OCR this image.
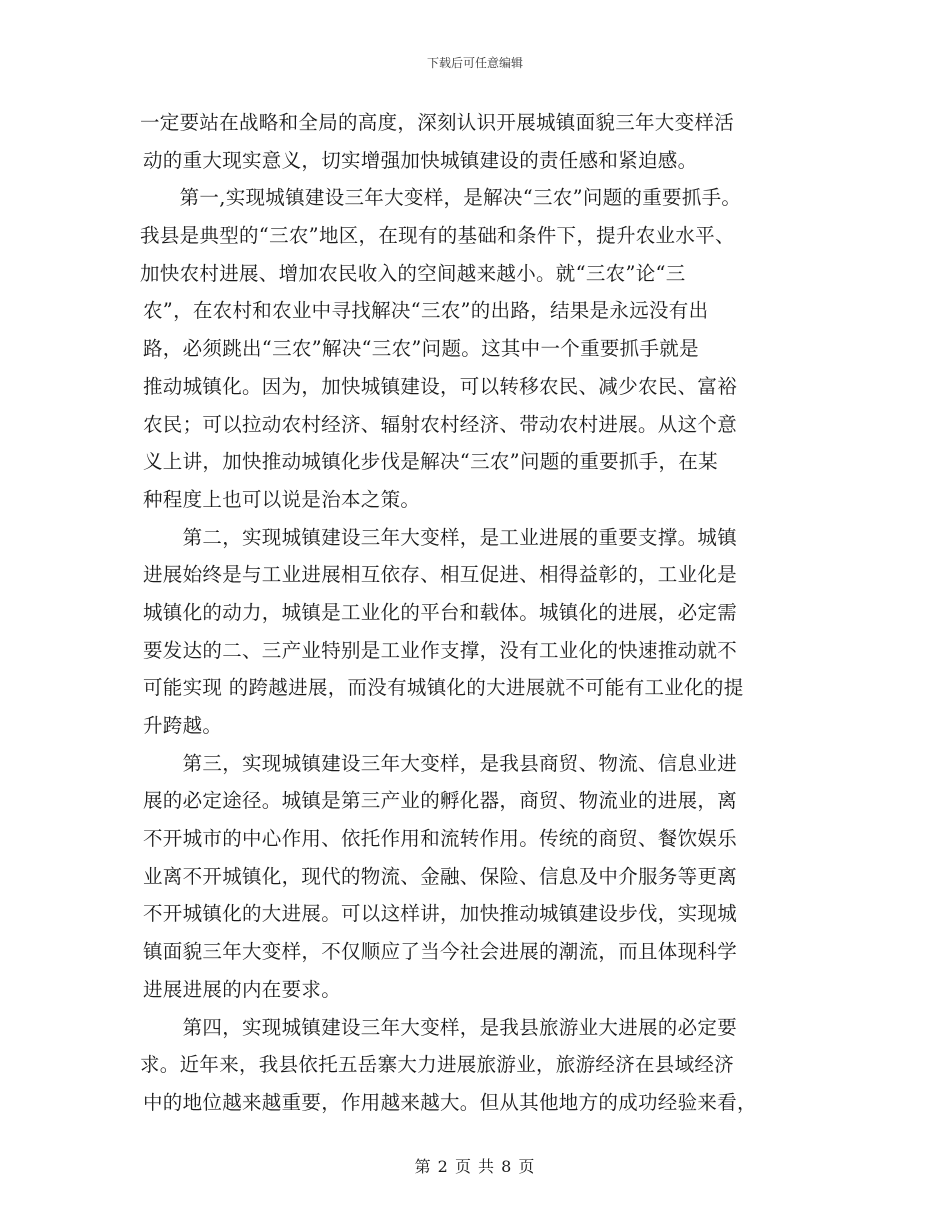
下载后可任意编辑
一定要站在战略和全局的高度，深刻认识开展城镇面貌三年大变样活
动的重大现实意义，切实增强加快城镇建设的责任感和紧迫感。
　　第一,实现城镇建设三年大变样，是解决“三农”问题的重要抓手。
我县是典型的“三农”地区，在现有的基础和条件下，提升农业水平、
加快农村进展、增加农民收入的空间越来越小。就“三农”论“三
农”，在农村和农业中寻找解决“三农”的出路，结果是永远没有出
路，必须跳出“三农”解决“三农”问题。这其中一个重要抓手就是
推动城镇化。因为，加快城镇建设，可以转移农民、减少农民、富裕
农民；可以拉动农村经济、辐射农村经济、带动农村进展。从这个意
义上讲，加快推动城镇化步伐是解决“三农”问题的重要抓手，在某
种程度上也可以说是治本之策。
　　第二，实现城镇建设三年大变样，是工业进展的重要支撑。城镇
进展始终是与工业进展相互依存、相互促进、相得益彰的，工业化是
城镇化的动力，城镇是工业化的平台和载体。城镇化的进展，必定需
要发达的二、三产业特别是工业作支撑，没有工业化的快速推动就不
可能实现 的跨越进展，而没有城镇化的大进展就不可能有工业化的提
升跨越。
　　第三，实现城镇建设三年大变样，是我县商贸、物流、信息业进
展的必定途径。城镇是第三产业的孵化器，商贸、物流业的进展，离
不开城市的中心作用、依托作用和流转作用。传统的商贸、餐饮娱乐
业离不开城镇化，现代的物流、金融、保险、信息及中介服务等更离
不开城镇化的大进展。可以这样讲，加快推动城镇建设步伐，实现城
镇面貌三年大变样，不仅顺应了当今社会进展的潮流，而且体现科学
进展进展的内在要求。
　　第四，实现城镇建设三年大变样，是我县旅游业大进展的必定要
求。近年来，我县依托五岳寨大力进展旅游业，旅游经济在县域经济
中的地位越来越重要，作用越来越大。但从其他地方的成功经验来看，
第 2 页 共 8 页
